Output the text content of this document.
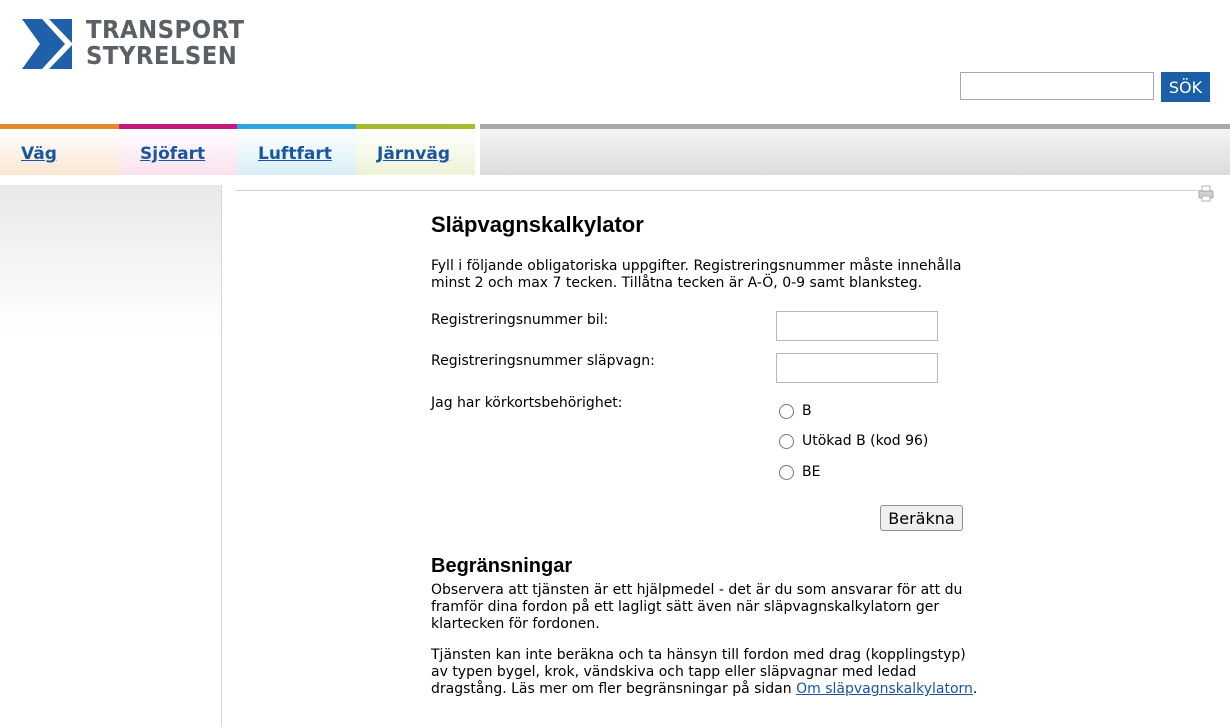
TRANSPORT
STYRELSEN
SÖK
Väg	Sjöfart	Luftfart	Järnväg
Släpvagnskalkylator

Fyll i följande obligatoriska uppgifter. Registreringsnummer måste innehålla minst 2 och max 7 tecken. Tillåtna tecken är A-Ö, 0-9 samt blanksteg.

Registreringsnummer bil:
Registreringsnummer släpvagn:
Jag har körkortsbehörighet:	B
Utökad B (kod 96)
BE
Beräkna
Begränsningar

Observera att tjänsten är ett hjälpmedel - det är du som ansvarar för att du framför dina fordon på ett lagligt sätt även när släpvagnskalkylatorn ger klartecken för fordonen.

Tjänsten kan inte beräkna och ta hänsyn till fordon med drag (kopplingstyp) av typen bygel, krok, vändskiva och tapp eller släpvagnar med ledad dragstång. Läs mer om fler begränsningar på sidan Om släpvagnskalkylatorn.
